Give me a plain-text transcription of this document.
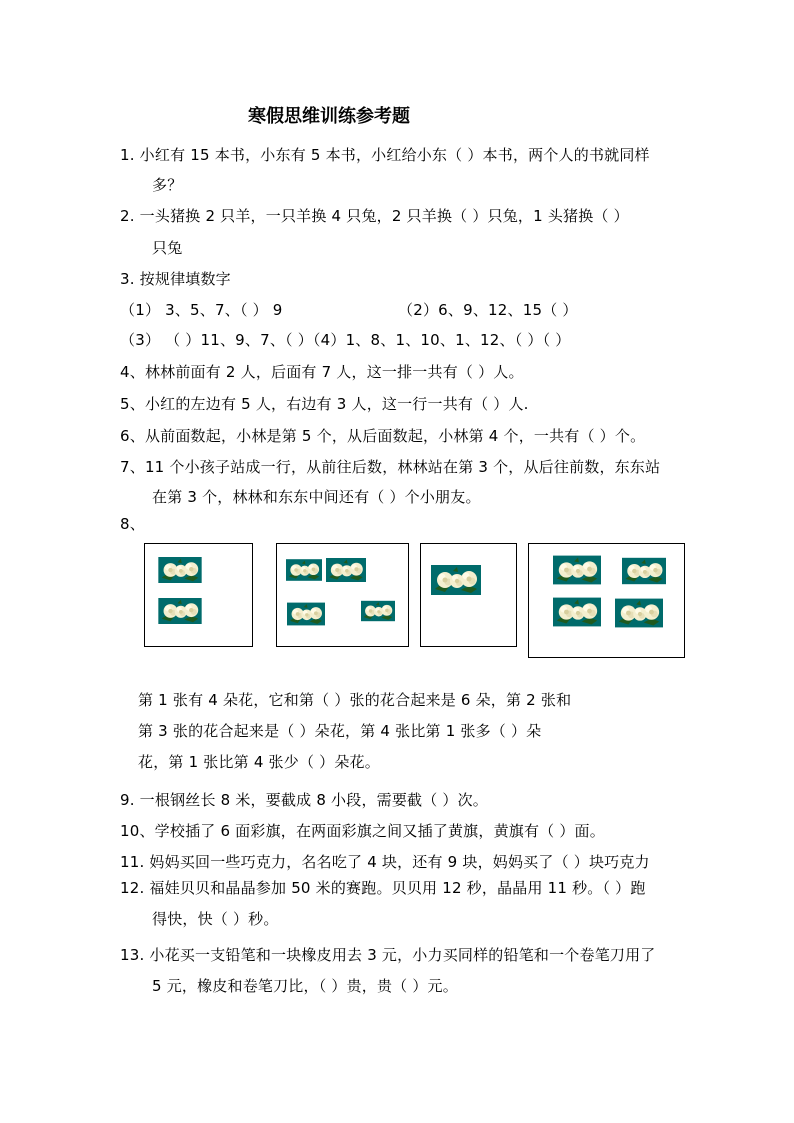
寒假思维训练参考题
1. 小红有 15 本书，小东有 5 本书，小红给小东（ ）本书，两个人的书就同样
多？
2. 一头猪换 2 只羊，一只羊换 4 只兔，2 只羊换（ ）只兔，1 头猪换（ ）
只兔
3. 按规律填数字
（1） 3、5、7、（ ） 9	（2）6、9、12、15（ ）
（3） （ ）11、9、7、（ ）（4）1、8、1、10、1、12、（ ）（ ）
4、林林前面有 2 人，后面有 7 人，这一排一共有（ ）人。
5、小红的左边有 5 人，右边有 3 人，这一行一共有（ ）人.
6、从前面数起，小林是第 5 个，从后面数起，小林第 4 个，一共有（ ）个。
7、11 个小孩子站成一行，从前往后数，林林站在第 3 个，从后往前数，东东站
在第 3 个，林林和东东中间还有（ ）个小朋友。
8、
第 1 张有 4 朵花，它和第（ ）张的花合起来是 6 朵，第 2 张和
第 3 张的花合起来是（ ）朵花，第 4 张比第 1 张多（ ）朵
花，第 1 张比第 4 张少（ ）朵花。
9. 一根钢丝长 8 米，要截成 8 小段，需要截（ ）次。
10、学校插了 6 面彩旗，在两面彩旗之间又插了黄旗，黄旗有（ ）面。
11. 妈妈买回一些巧克力，名名吃了 4 块，还有 9 块，妈妈买了（ ）块巧克力
12. 福娃贝贝和晶晶参加 50 米的赛跑。贝贝用 12 秒，晶晶用 11 秒。（ ）跑
得快，快（ ）秒。
13. 小花买一支铅笔和一块橡皮用去 3 元，小力买同样的铅笔和一个卷笔刀用了
5 元，橡皮和卷笔刀比，（ ）贵，贵（ ）元。
